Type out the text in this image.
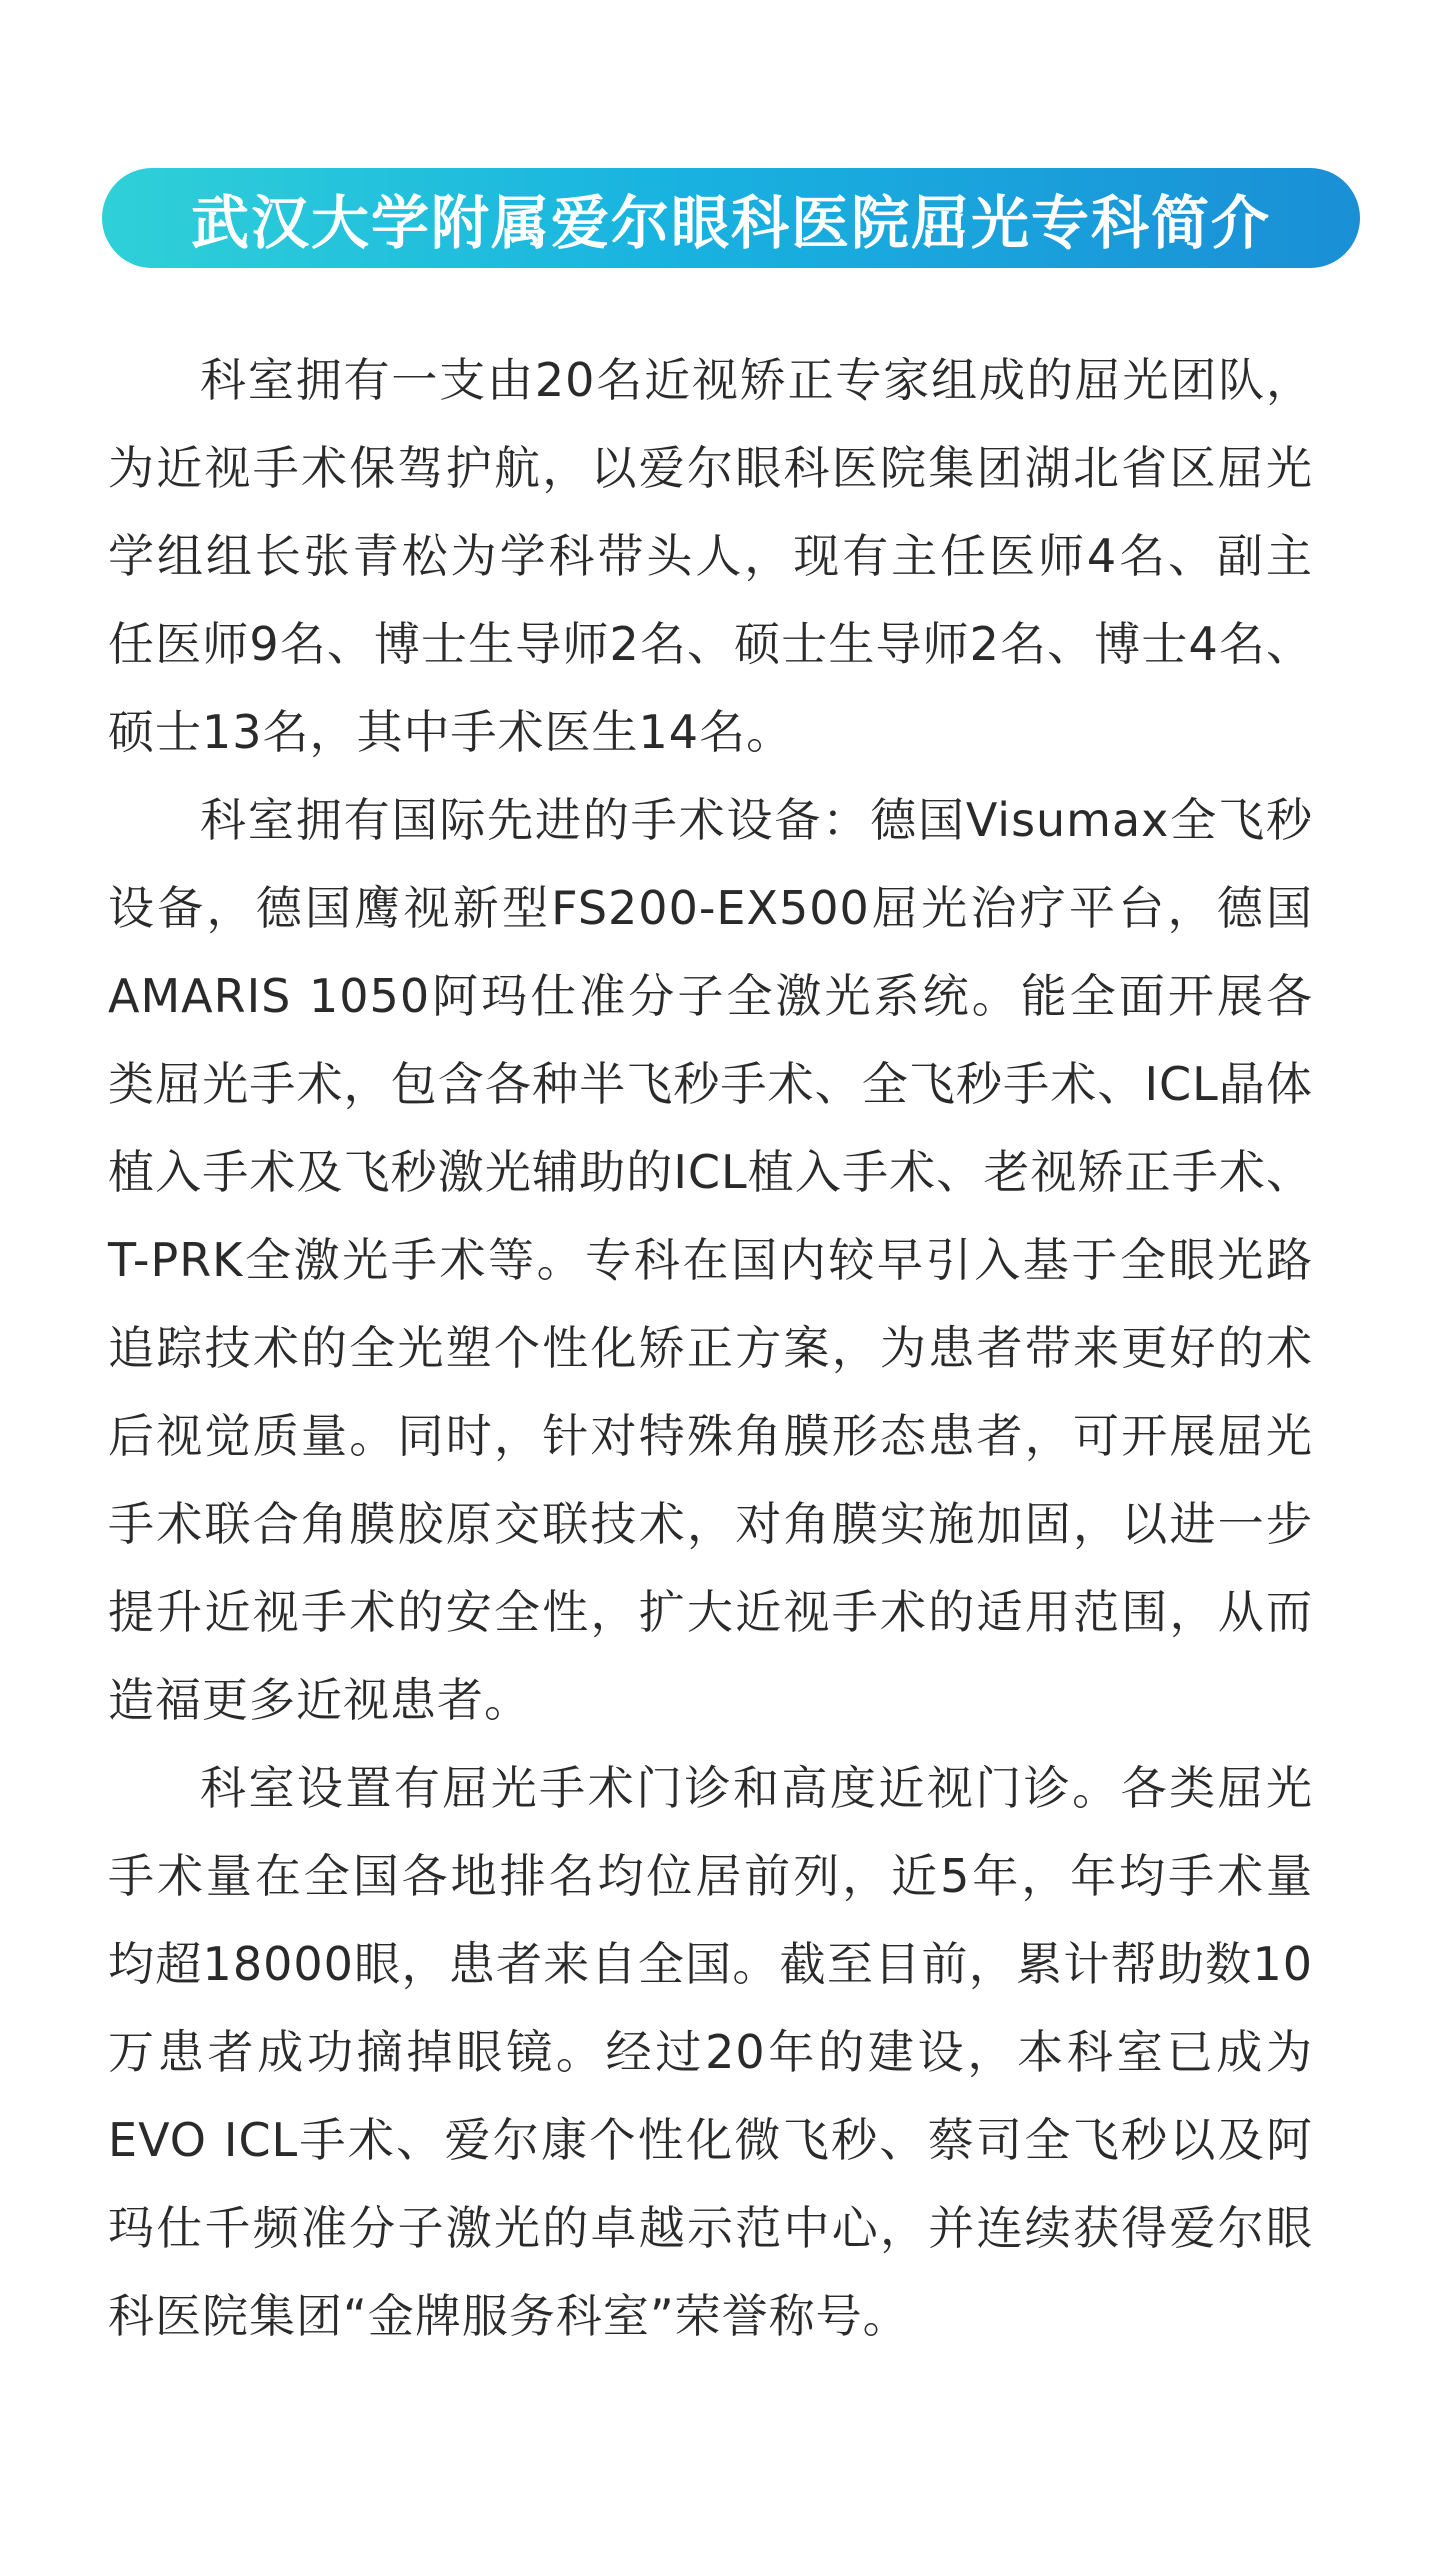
武汉大学附属爱尔眼科医院屈光专科简介

科室拥有一支由20名近视矫正专家组成的屈光团队，为近视手术保驾护航，以爱尔眼科医院集团湖北省区屈光学组组长张青松为学科带头人，现有主任医师4名、副主任医师9名、博士生导师2名、硕士生导师2名、博士4名、硕士13名，其中手术医生14名。

科室拥有国际先进的手术设备：德国Visumax全飞秒设备，德国鹰视新型FS200-EX500屈光治疗平台，德国AMARIS 1050阿玛仕准分子全激光系统。能全面开展各类屈光手术，包含各种半飞秒手术、全飞秒手术、ICL晶体植入手术及飞秒激光辅助的ICL植入手术、老视矫正手术、T-PRK全激光手术等。专科在国内较早引入基于全眼光路追踪技术的全光塑个性化矫正方案，为患者带来更好的术后视觉质量。同时，针对特殊角膜形态患者，可开展屈光手术联合角膜胶原交联技术，对角膜实施加固，以进一步提升近视手术的安全性，扩大近视手术的适用范围，从而造福更多近视患者。

科室设置有屈光手术门诊和高度近视门诊。各类屈光手术量在全国各地排名均位居前列，近5年，年均手术量均超18000眼，患者来自全国。截至目前，累计帮助数10万患者成功摘掉眼镜。经过20年的建设，本科室已成为EVO ICL手术、爱尔康个性化微飞秒、蔡司全飞秒以及阿玛仕千频准分子激光的卓越示范中心，并连续获得爱尔眼科医院集团“金牌服务科室”荣誉称号。
